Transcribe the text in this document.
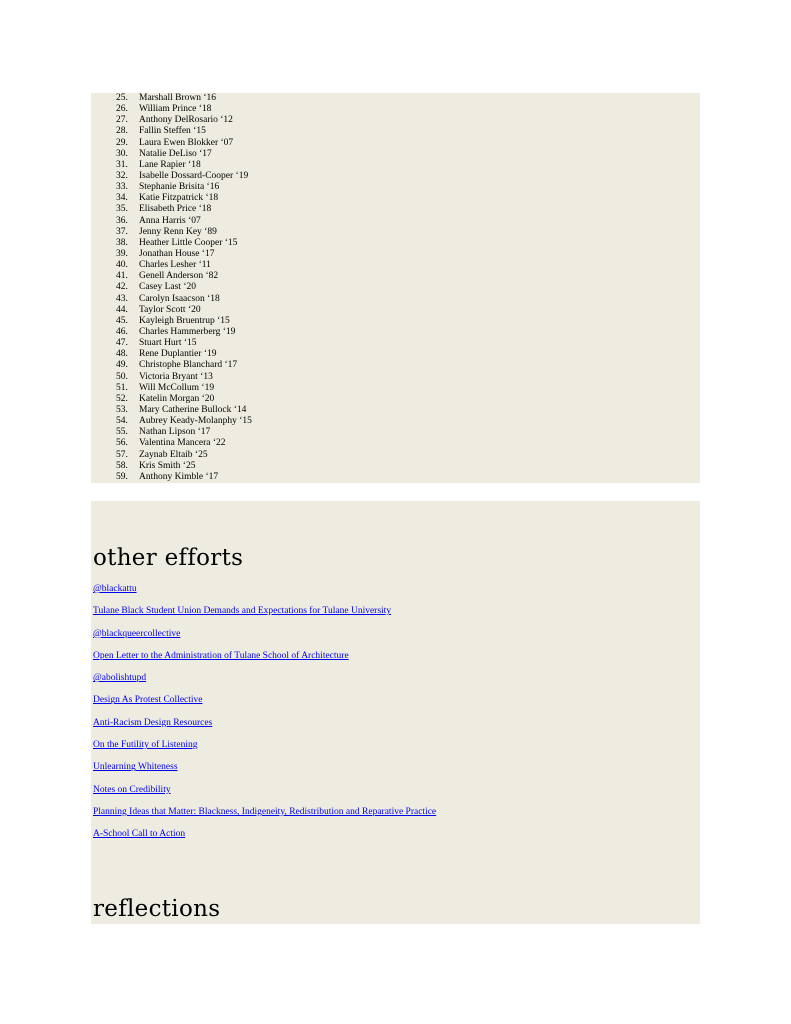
25.	Marshall Brown ‘16
26.	William Prince ‘18
27.	Anthony DelRosario ‘12
28.	Fallin Steffen ‘15
29.	Laura Ewen Blokker ‘07
30.	Natalie DeLiso ‘17
31.	Lane Rapier ‘18
32.	Isabelle Dossard-Cooper ‘19
33.	Stephanie Brisita ‘16
34.	Katie Fitzpatrick ‘18
35.	Elisabeth Price ‘18
36.	Anna Harris ‘07
37.	Jenny Renn Key ‘89
38.	Heather Little Cooper ‘15
39.	Jonathan House ‘17
40.	Charles Lesher ‘11
41.	Genell Anderson ‘82
42.	Casey Last ‘20
43.	Carolyn Isaacson ‘18
44.	Taylor Scott ‘20
45.	Kayleigh Bruentrup ‘15
46.	Charles Hammerberg ‘19
47.	Stuart Hurt ‘15
48.	Rene Duplantier ‘19
49.	Christophe Blanchard ‘17
50.	Victoria Bryant ‘13
51.	Will McCollum ‘19
52.	Katelin Morgan ‘20
53.	Mary Catherine Bullock ‘14
54.	Aubrey Keady-Molanphy ‘15
55.	Nathan Lipson ‘17
56.	Valentina Mancera ‘22
57.	Zaynab Eltaib ‘25
58.	Kris Smith ‘25
59.	Anthony Kimble ‘17
other efforts
@blackattu
Tulane Black Student Union Demands and Expectations for Tulane University
@blackqueercollective
Open Letter to the Administration of Tulane School of Architecture
@abolishtupd
Design As Protest Collective
Anti-Racism Design Resources
On the Futility of Listening
Unlearning Whiteness
Notes on Credibility
Planning Ideas that Matter: Blackness, Indigeneity, Redistribution and Reparative Practice
A-School Call to Action
reflections
